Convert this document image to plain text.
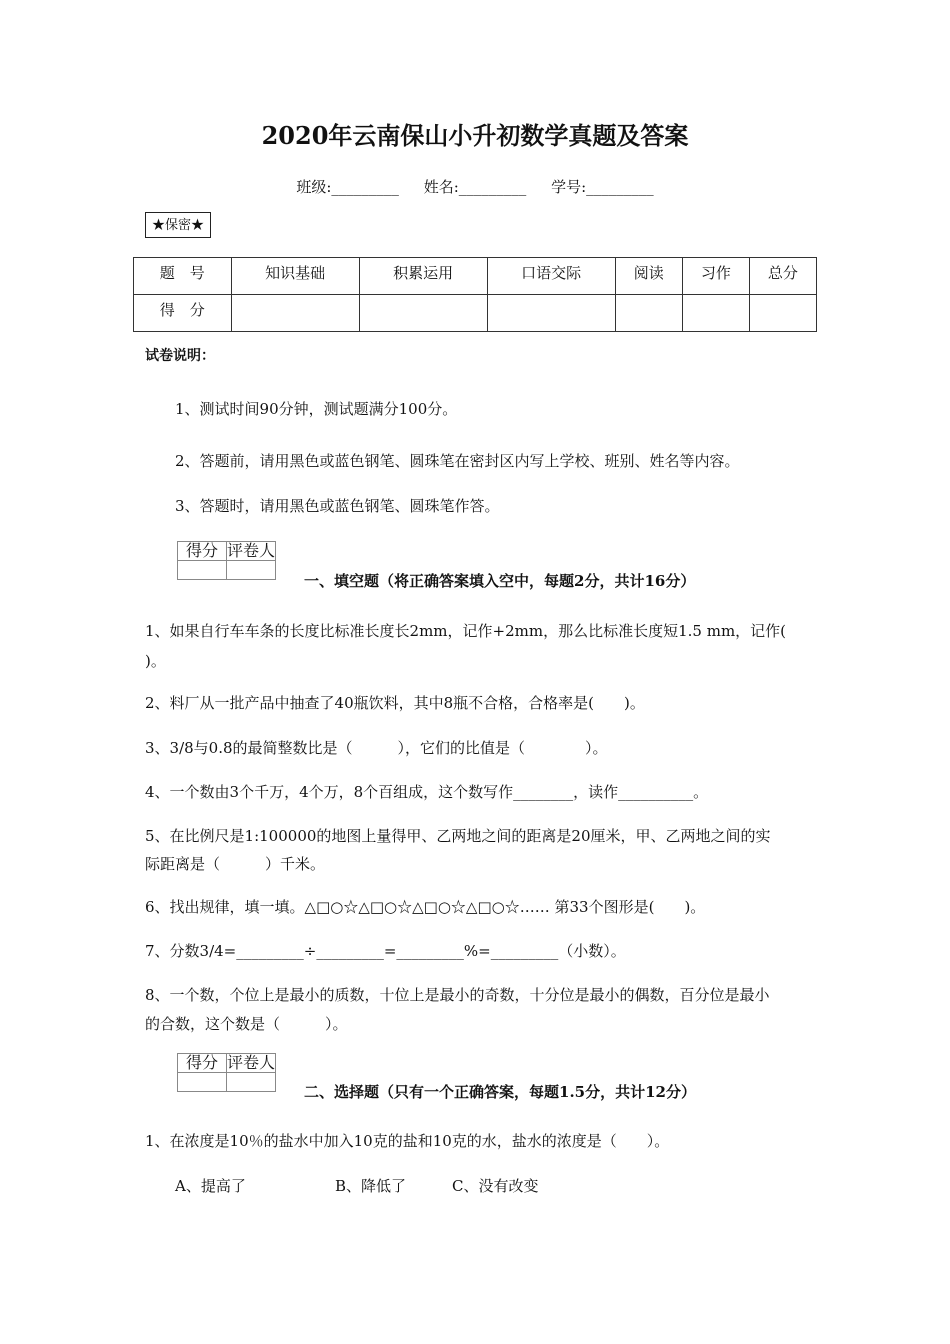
2020年云南保山小升初数学真题及答案
班级:_________ 姓名:_________ 学号:_________
★保密★
题　号	知识基础	积累运用	口语交际	阅读	习作	总分
得　分						
试卷说明：
1、测试时间90分钟，测试题满分100分。
2、答题前，请用黑色或蓝色钢笔、圆珠笔在密封区内写上学校、班别、姓名等内容。
3、答题时，请用黑色或蓝色钢笔、圆珠笔作答。
得分	评卷人

一、填空题（将正确答案填入空中，每题2分，共计16分）
1、如果自行车车条的长度比标准长度长2mm，记作+2mm，那么比标准长度短1.5 mm，记作(
)。
2、料厂从一批产品中抽查了40瓶饮料，其中8瓶不合格，合格率是(　　)。
3、3/8与0.8的最简整数比是（　　　），它们的比值是（　　　　）。
4、一个数由3个千万，4个万，8个百组成，这个数写作________，读作__________。
5、在比例尺是1:100000的地图上量得甲、乙两地之间的距离是20厘米，甲、乙两地之间的实
际距离是（　　　）千米。
6、找出规律，填一填。△□○☆△□○☆△□○☆△□○☆…… 第33个图形是(　　)。
7、分数3/4=_________÷_________=_________%=_________（小数）。
8、一个数，个位上是最小的质数，十位上是最小的奇数，十分位是最小的偶数，百分位是最小
的合数，这个数是（　　　）。
得分	评卷人

二、选择题（只有一个正确答案，每题1.5分，共计12分）
1、在浓度是10％的盐水中加入10克的盐和10克的水，盐水的浓度是（　　）。
A、提高了	B、降低了	C、没有改变
